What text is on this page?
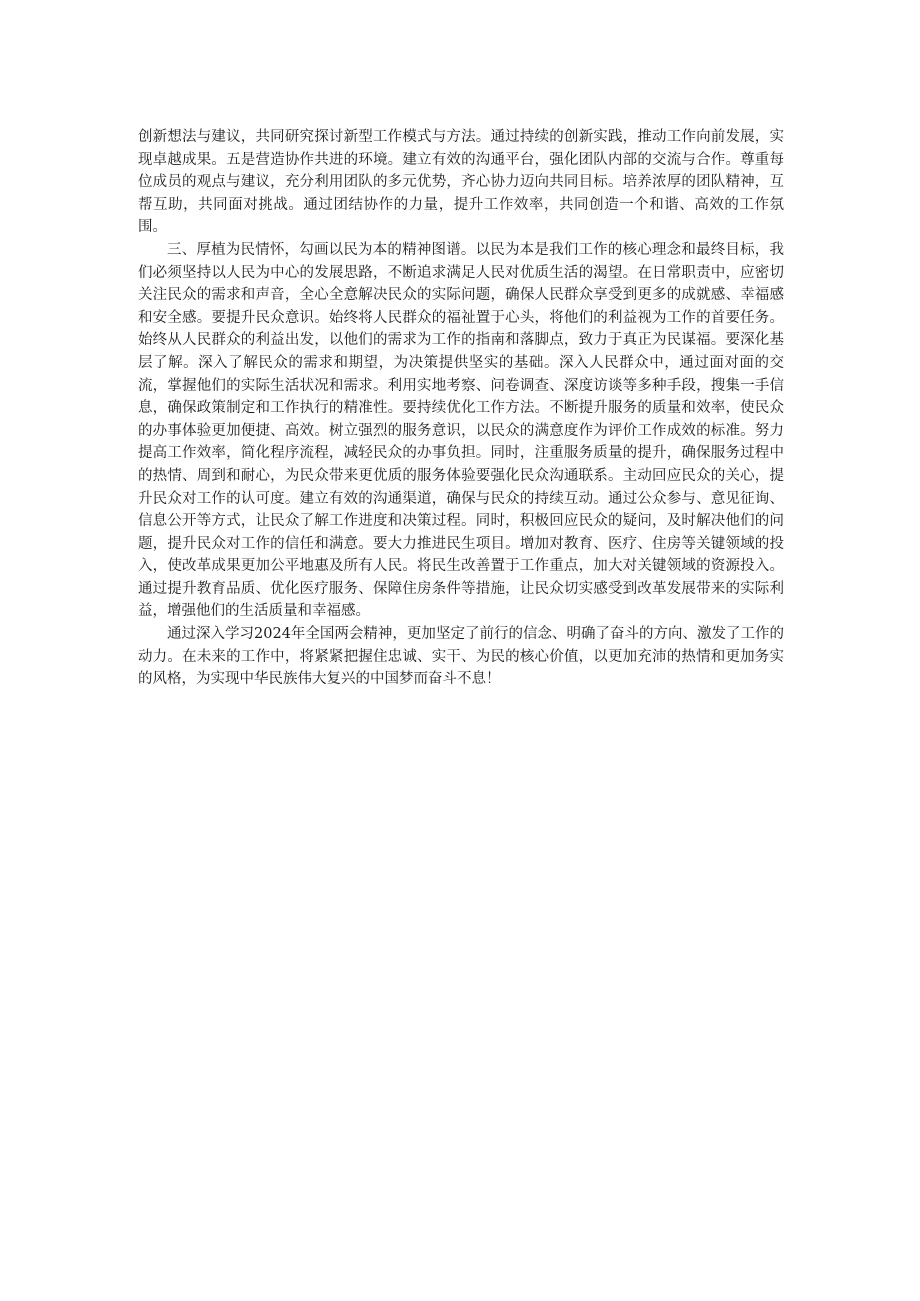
创新想法与建议，共同研究探讨新型工作模式与方法。通过持续的创新实践，推动工作向前发展，实现卓越成果。五是营造协作共进的环境。建立有效的沟通平台，强化团队内部的交流与合作。尊重每位成员的观点与建议，充分利用团队的多元优势，齐心协力迈向共同目标。培养浓厚的团队精神，互帮互助，共同面对挑战。通过团结协作的力量，提升工作效率，共同创造一个和谐、高效的工作氛围。

三、厚植为民情怀，勾画以民为本的精神图谱。以民为本是我们工作的核心理念和最终目标，我们必须坚持以人民为中心的发展思路，不断追求满足人民对优质生活的渴望。在日常职责中，应密切关注民众的需求和声音，全心全意解决民众的实际问题，确保人民群众享受到更多的成就感、幸福感和安全感。要提升民众意识。始终将人民群众的福祉置于心头，将他们的利益视为工作的首要任务。始终从人民群众的利益出发，以他们的需求为工作的指南和落脚点，致力于真正为民谋福。要深化基层了解。深入了解民众的需求和期望，为决策提供坚实的基础。深入人民群众中，通过面对面的交流，掌握他们的实际生活状况和需求。利用实地考察、问卷调查、深度访谈等多种手段，搜集一手信息，确保政策制定和工作执行的精准性。要持续优化工作方法。不断提升服务的质量和效率，使民众的办事体验更加便捷、高效。树立强烈的服务意识，以民众的满意度作为评价工作成效的标准。努力提高工作效率，简化程序流程，减轻民众的办事负担。同时，注重服务质量的提升，确保服务过程中的热情、周到和耐心，为民众带来更优质的服务体验要强化民众沟通联系。主动回应民众的关心，提升民众对工作的认可度。建立有效的沟通渠道，确保与民众的持续互动。通过公众参与、意见征询、信息公开等方式，让民众了解工作进度和决策过程。同时，积极回应民众的疑问，及时解决他们的问题，提升民众对工作的信任和满意。要大力推进民生项目。增加对教育、医疗、住房等关键领域的投入，使改革成果更加公平地惠及所有人民。将民生改善置于工作重点，加大对关键领域的资源投入。通过提升教育品质、优化医疗服务、保障住房条件等措施，让民众切实感受到改革发展带来的实际利益，增强他们的生活质量和幸福感。

通过深入学习2024年全国两会精神，更加坚定了前行的信念、明确了奋斗的方向、激发了工作的动力。在未来的工作中，将紧紧把握住忠诚、实干、为民的核心价值，以更加充沛的热情和更加务实的风格，为实现中华民族伟大复兴的中国梦而奋斗不息！
